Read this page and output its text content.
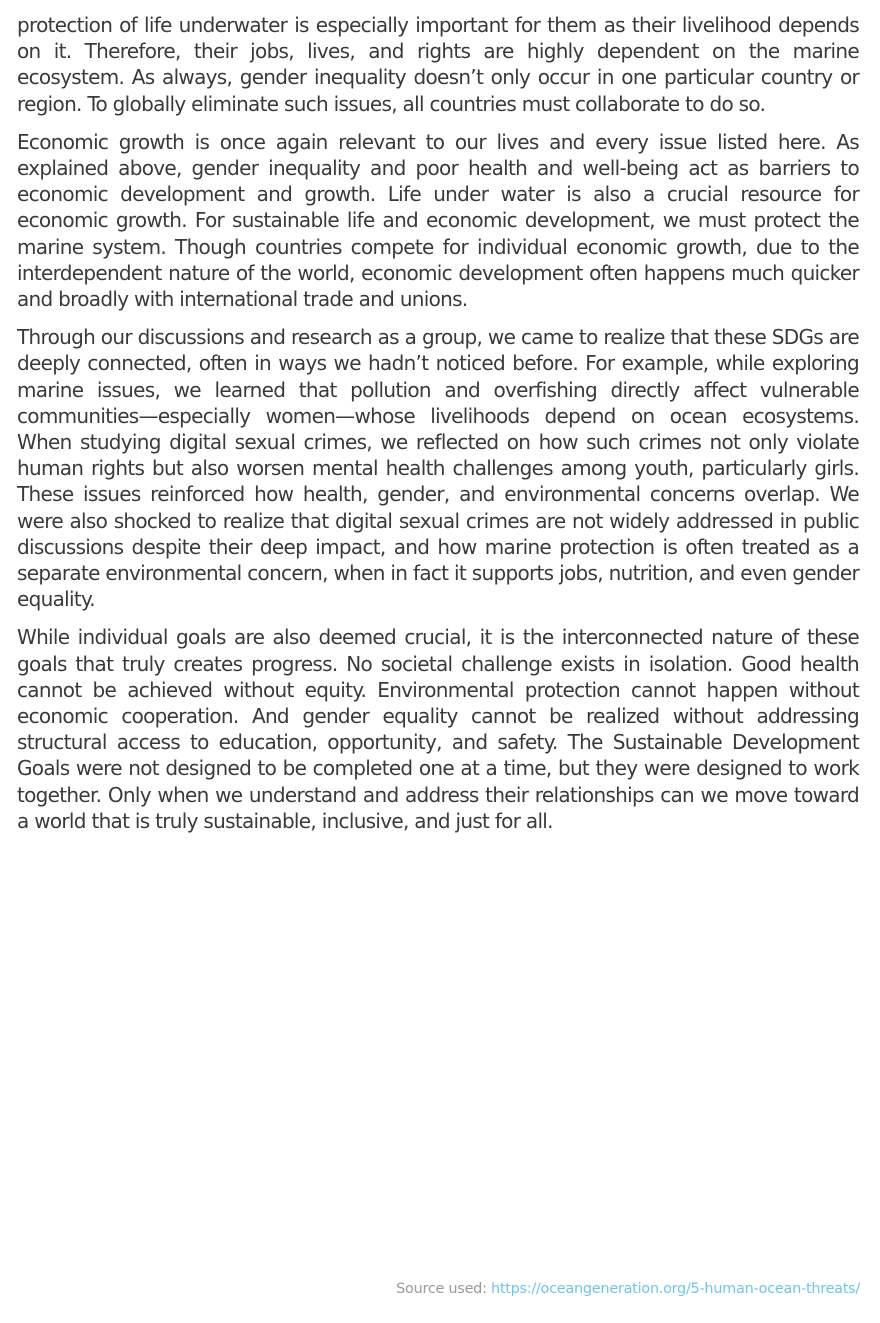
protection of life underwater is especially important for them as their livelihood depends on it. Therefore, their jobs, lives, and rights are highly dependent on the marine ecosystem. As always, gender inequality doesn’t only occur in one particular country or region. To globally eliminate such issues, all countries must collaborate to do so.

Economic growth is once again relevant to our lives and every issue listed here. As explained above, gender inequality and poor health and well-being act as barriers to economic development and growth. Life under water is also a crucial resource for economic growth. For sustainable life and economic development, we must protect the marine system. Though countries compete for individual economic growth, due to the interdependent nature of the world, economic development often happens much quicker and broadly with international trade and unions.

Through our discussions and research as a group, we came to realize that these SDGs are deeply connected, often in ways we hadn’t noticed before. For example, while exploring marine issues, we learned that pollution and overfishing directly affect vulnerable communities—especially women—whose livelihoods depend on ocean ecosystems. When studying digital sexual crimes, we reflected on how such crimes not only violate human rights but also worsen mental health challenges among youth, particularly girls. These issues reinforced how health, gender, and environmental concerns overlap. We were also shocked to realize that digital sexual crimes are not widely addressed in public discussions despite their deep impact, and how marine protection is often treated as a separate environmental concern, when in fact it supports jobs, nutrition, and even gender equality.

While individual goals are also deemed crucial, it is the interconnected nature of these goals that truly creates progress. No societal challenge exists in isolation. Good health cannot be achieved without equity. Environmental protection cannot happen without economic cooperation. And gender equality cannot be realized without addressing structural access to education, opportunity, and safety. The Sustainable Development Goals were not designed to be completed one at a time, but they were designed to work together. Only when we understand and address their relationships can we move toward a world that is truly sustainable, inclusive, and just for all.

Source used: https://oceangeneration.org/5-human-ocean-threats/
